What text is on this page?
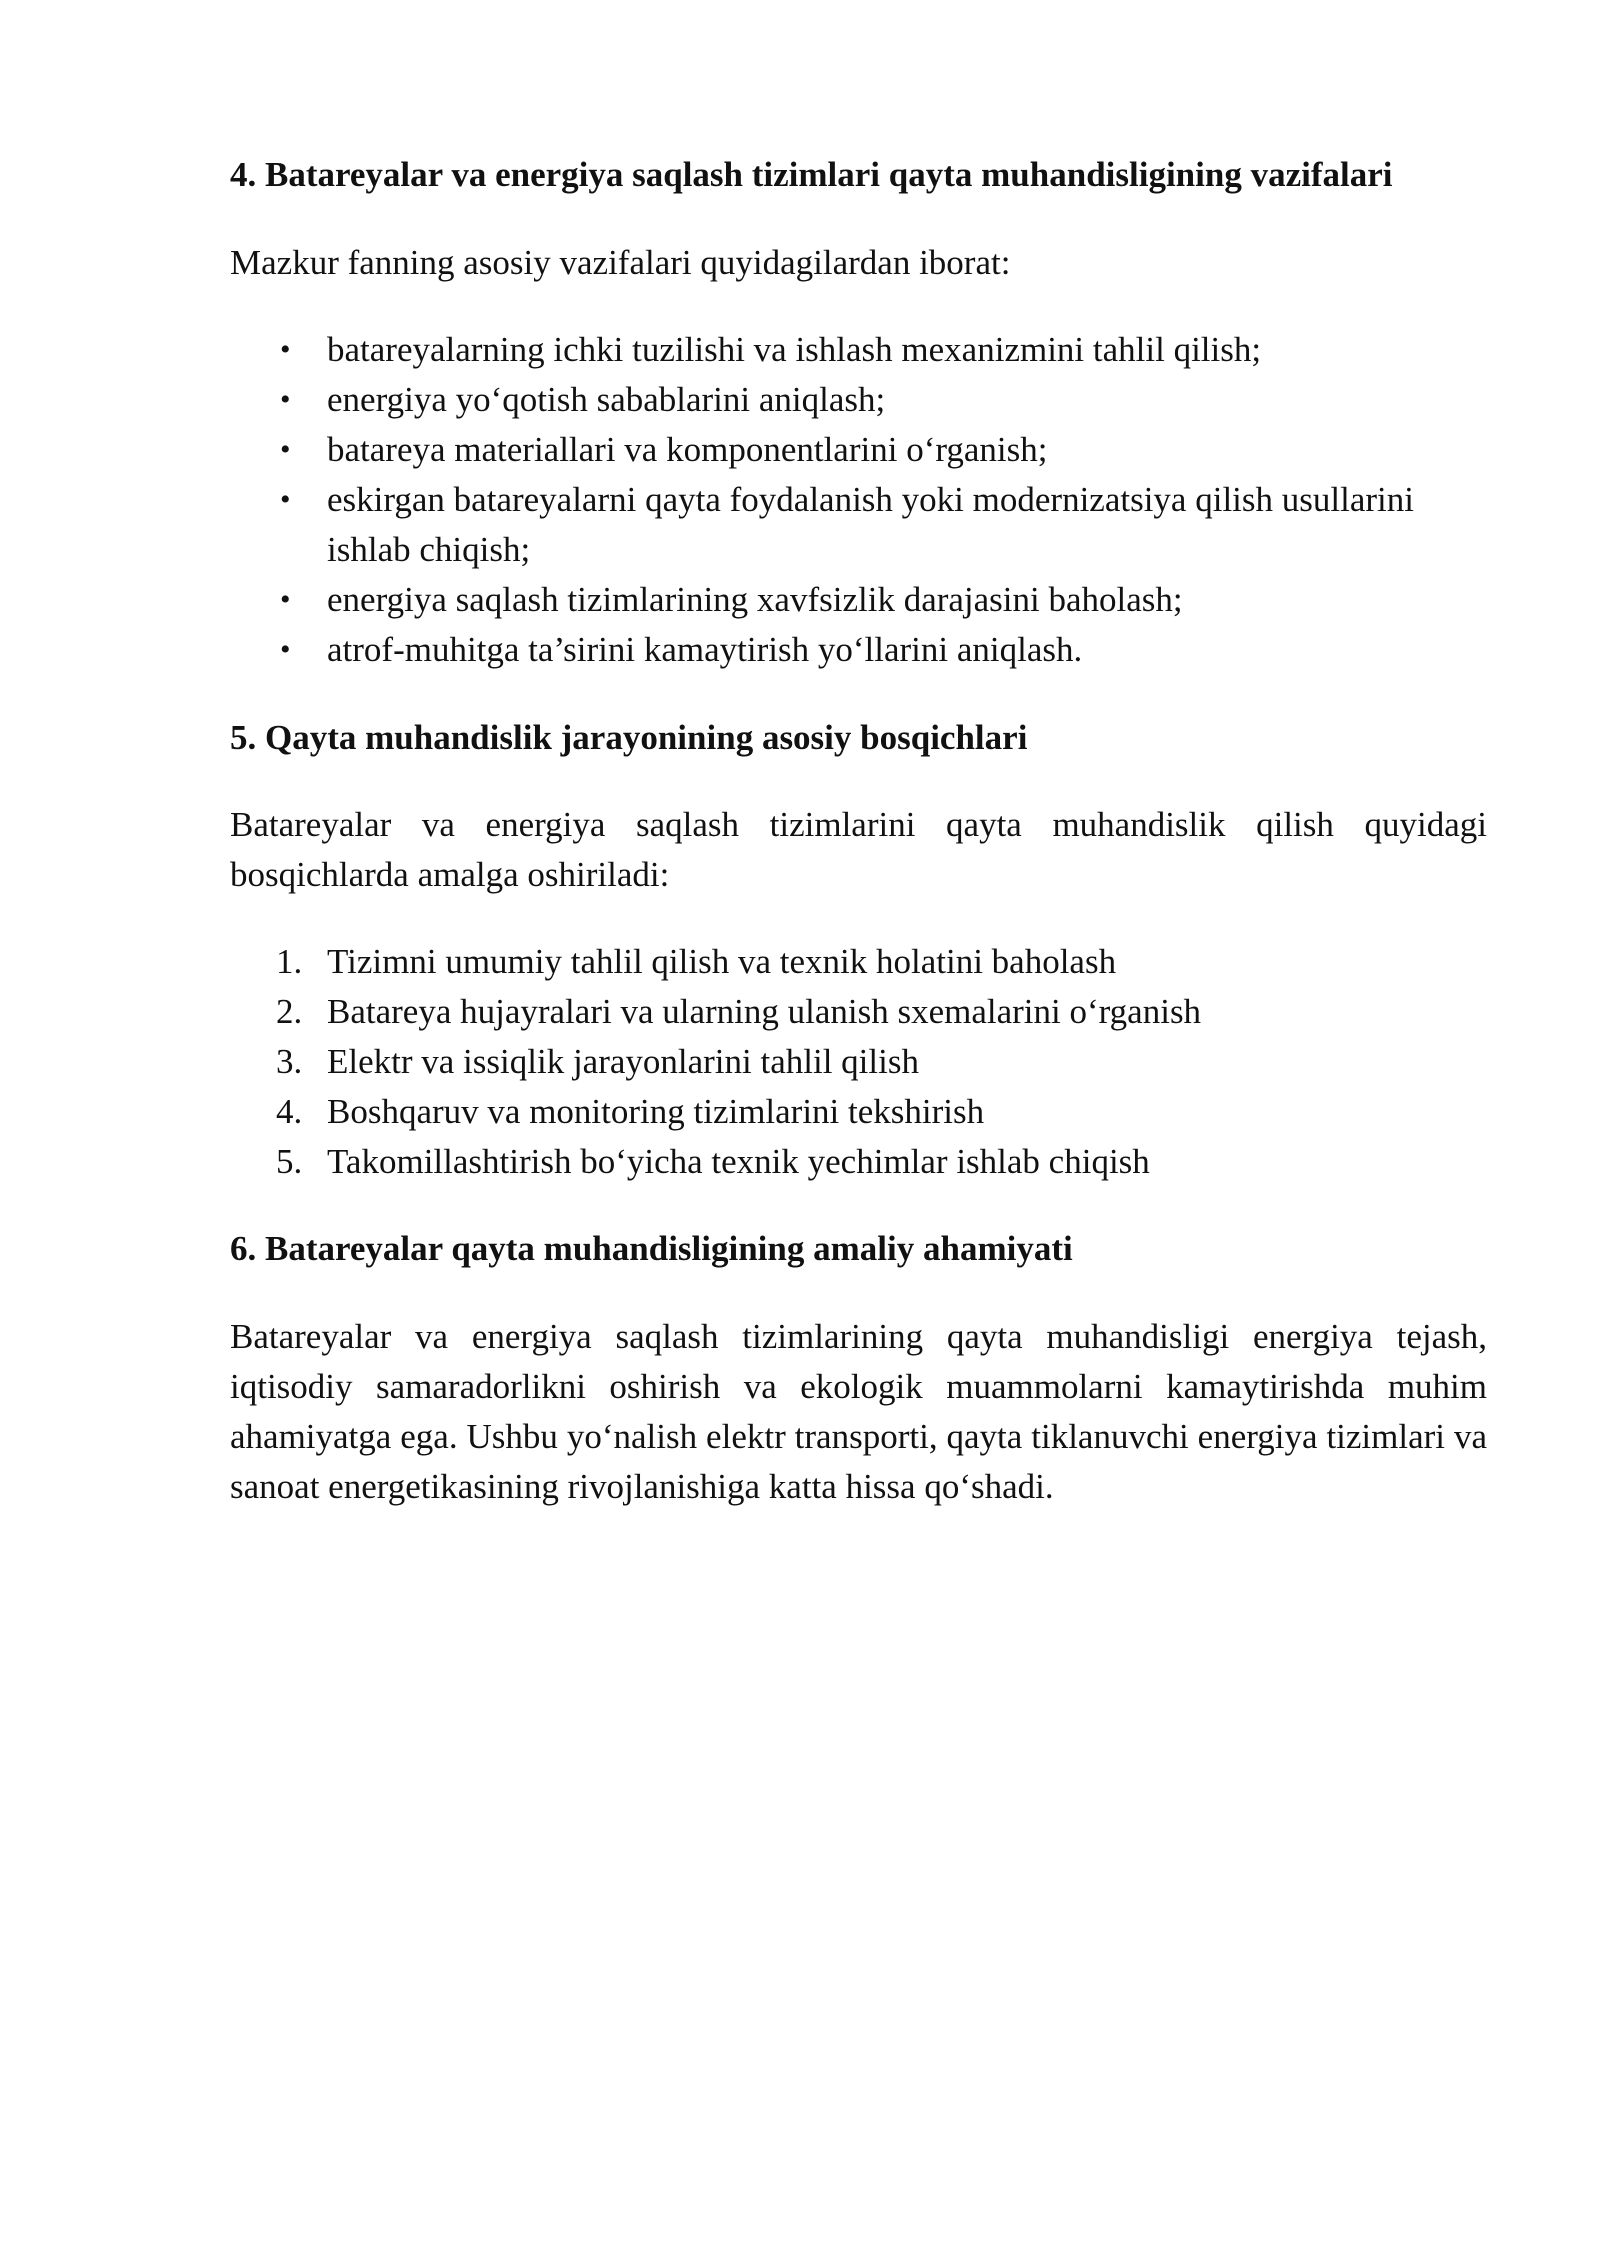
4. Batareyalar va energiya saqlash tizimlari qayta muhandisligining vazifalari

Mazkur fanning asosiy vazifalari quyidagilardan iborat:

• batareyalarning ichki tuzilishi va ishlash mexanizmini tahlil qilish;
• energiya yo‘qotish sabablarini aniqlash;
• batareya materiallari va komponentlarini o‘rganish;
• eskirgan batareyalarni qayta foydalanish yoki modernizatsiya qilish usullarini ishlab chiqish;
• energiya saqlash tizimlarining xavfsizlik darajasini baholash;
• atrof-muhitga ta’sirini kamaytirish yo‘llarini aniqlash.
5. Qayta muhandislik jarayonining asosiy bosqichlari

Batareyalar va energiya saqlash tizimlarini qayta muhandislik qilish quyidagi bosqichlarda amalga oshiriladi:

1. Tizimni umumiy tahlil qilish va texnik holatini baholash
2. Batareya hujayralari va ularning ulanish sxemalarini o‘rganish
3. Elektr va issiqlik jarayonlarini tahlil qilish
4. Boshqaruv va monitoring tizimlarini tekshirish
5. Takomillashtirish bo‘yicha texnik yechimlar ishlab chiqish
6. Batareyalar qayta muhandisligining amaliy ahamiyati

Batareyalar va energiya saqlash tizimlarining qayta muhandisligi energiya tejash, iqtisodiy samaradorlikni oshirish va ekologik muammolarni kamaytirishda muhim ahamiyatga ega. Ushbu yo‘nalish elektr transporti, qayta tiklanuvchi energiya tizimlari va sanoat energetikasining rivojlanishiga katta hissa qo‘shadi.
